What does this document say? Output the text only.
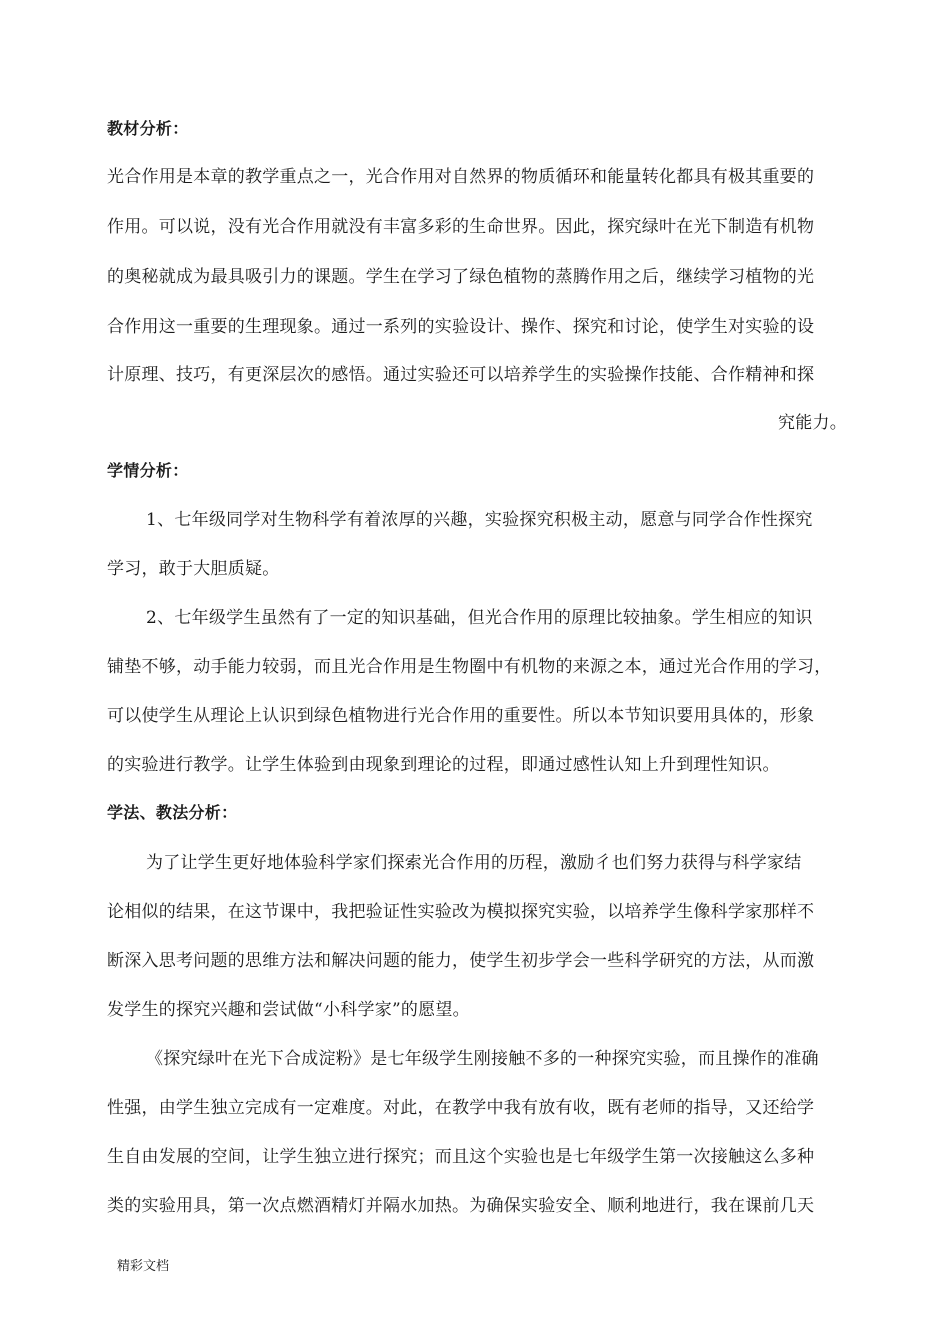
教材分析：
光合作用是本章的教学重点之一，光合作用对自然界的物质循环和能量转化都具有极其重要的
作用。可以说，没有光合作用就没有丰富多彩的生命世界。因此，探究绿叶在光下制造有机物
的奥秘就成为最具吸引力的课题。学生在学习了绿色植物的蒸腾作用之后，继续学习植物的光
合作用这一重要的生理现象。通过一系列的实验设计、操作、探究和讨论，使学生对实验的设
计原理、技巧，有更深层次的感悟。通过实验还可以培养学生的实验操作技能、合作精神和探
究能力。
学情分析：
1、七年级同学对生物科学有着浓厚的兴趣，实验探究积极主动，愿意与同学合作性探究
学习，敢于大胆质疑。
2、七年级学生虽然有了一定的知识基础，但光合作用的原理比较抽象。学生相应的知识
铺垫不够，动手能力较弱，而且光合作用是生物圈中有机物的来源之本，通过光合作用的学习，
可以使学生从理论上认识到绿色植物进行光合作用的重要性。所以本节知识要用具体的，形象
的实验进行教学。让学生体验到由现象到理论的过程，即通过感性认知上升到理性知识。
学法、教法分析：
为了让学生更好地体验科学家们探索光合作用的历程，激励彳也们努力获得与科学家结
论相似的结果，在这节课中，我把验证性实验改为模拟探究实验，以培养学生像科学家那样不
断深入思考问题的思维方法和解决问题的能力，使学生初步学会一些科学研究的方法，从而激
发学生的探究兴趣和尝试做“小科学家”的愿望。
《探究绿叶在光下合成淀粉》是七年级学生刚接触不多的一种探究实验，而且操作的准确
性强，由学生独立完成有一定难度。对此，在教学中我有放有收，既有老师的指导，又还给学
生自由发展的空间，让学生独立进行探究；而且这个实验也是七年级学生第一次接触这么多种
类的实验用具，第一次点燃酒精灯并隔水加热。为确保实验安全、顺利地进行，我在课前几天
精彩文档
